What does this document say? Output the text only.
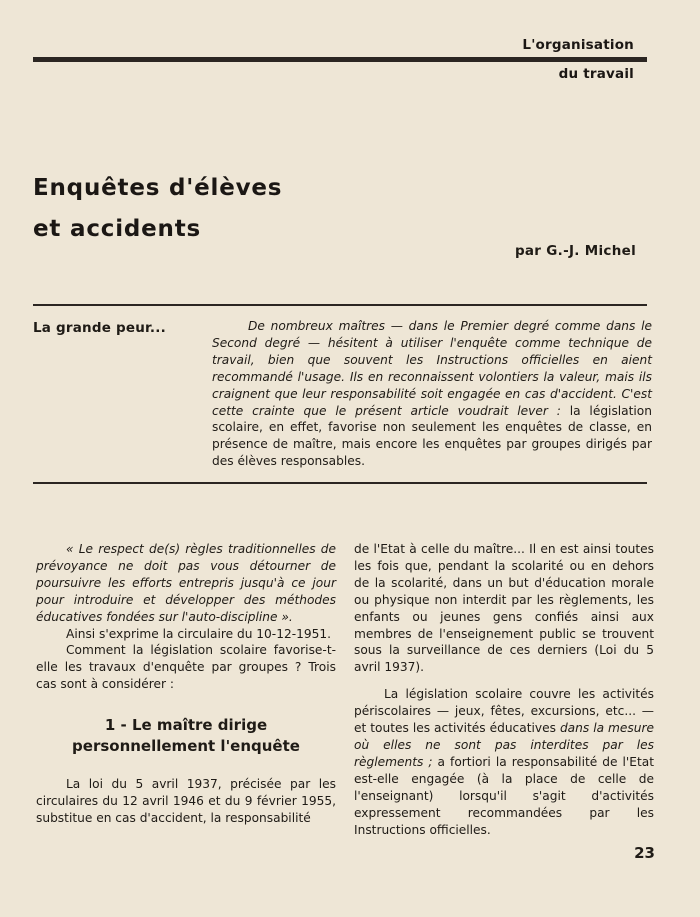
L'organisation
du travail
Enquêtes d'élèves
et accidents
par G.-J. Michel
La grande peur...	De nombreux maîtres — dans le Premier degré comme dans le Second degré — hésitent à utiliser l'enquête comme technique de travail, bien que souvent les Instructions officielles en aient recommandé l'usage. Ils en reconnaissent volontiers la valeur, mais ils craignent que leur responsabilité soit engagée en cas d'accident. C'est cette crainte que le présent article voudrait lever : la législation scolaire, en effet, favorise non seulement les enquêtes de classe, en présence de maître, mais encore les enquêtes par groupes dirigés par des élèves responsables.

« Le respect de(s) règles traditionnelles de prévoyance ne doit pas vous détourner de poursuivre les efforts entrepris jusqu'à ce jour pour introduire et développer des méthodes éducatives fondées sur l'auto-discipline ».

Ainsi s'exprime la circulaire du 10-12-1951.

Comment la législation scolaire favorise-t-elle les travaux d'enquête par groupes ? Trois cas sont à considérer :

1 - Le maître dirige
personnellement l'enquête

La loi du 5 avril 1937, précisée par les circulaires du 12 avril 1946 et du 9 février 1955, substitue en cas d'accident, la responsabilité

de l'Etat à celle du maître... Il en est ainsi toutes les fois que, pendant la scolarité ou en dehors de la scolarité, dans un but d'éducation morale ou physique non interdit par les règlements, les enfants ou jeunes gens confiés ainsi aux membres de l'enseignement public se trouvent sous la surveillance de ces derniers (Loi du 5 avril 1937).

La législation scolaire couvre les activités périscolaires — jeux, fêtes, excursions, etc... — et toutes les activités éducatives dans la mesure où elles ne sont pas interdites par les règlements ; a fortiori la responsabilité de l'Etat est-elle engagée (à la place de celle de l'enseignant) lorsqu'il s'agit d'activités expressement recommandées par les Instructions officielles.

23
